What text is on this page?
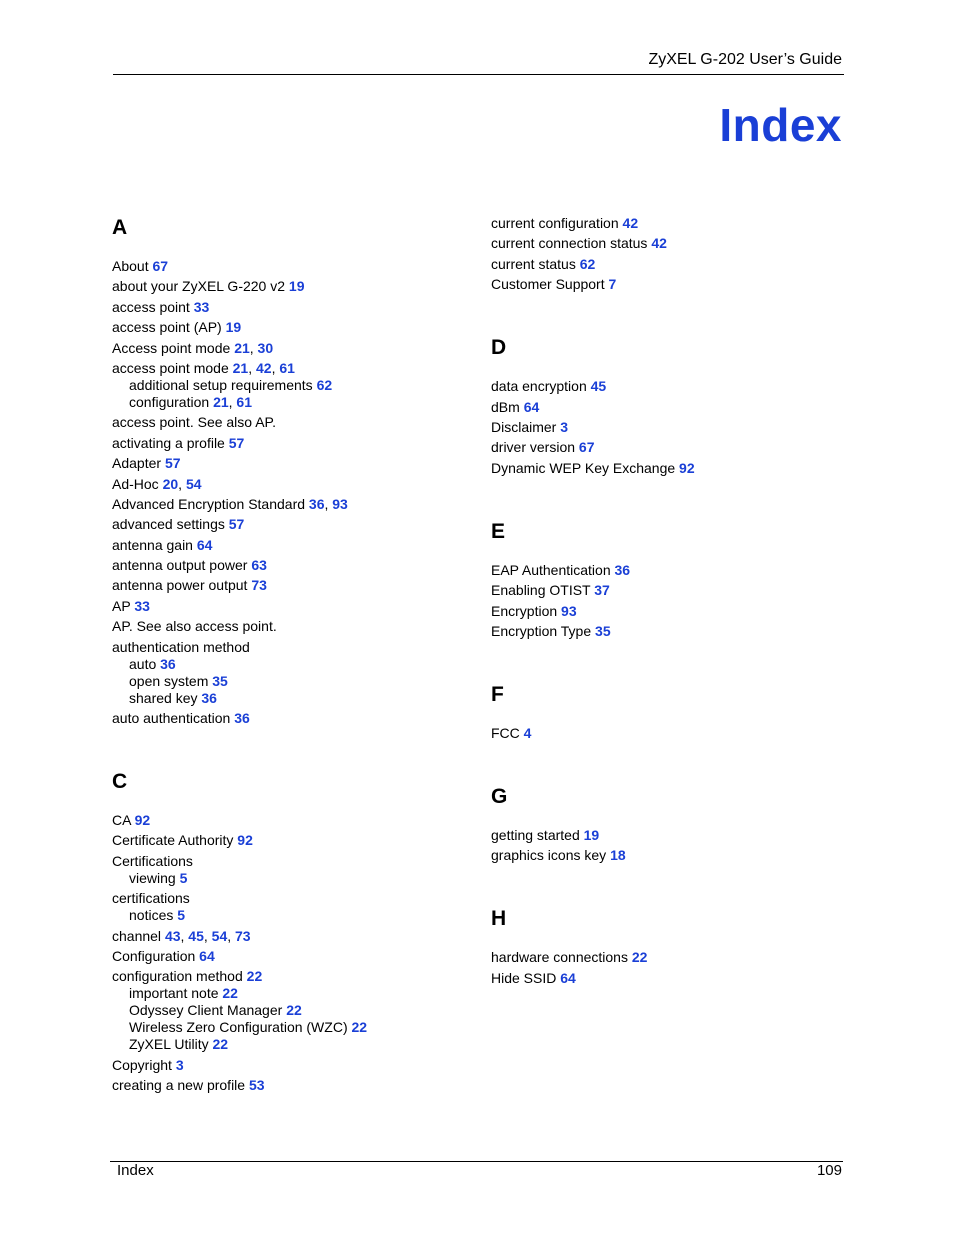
ZyXEL G-202 User’s Guide
Index
A
About 67
about your ZyXEL G-220 v2 19
access point 33
access point (AP) 19
Access point mode 21, 30
access point mode 21, 42, 61
additional setup requirements 62
configuration 21, 61
access point. See also AP.
activating a profile 57
Adapter 57
Ad-Hoc 20, 54
Advanced Encryption Standard 36, 93
advanced settings 57
antenna gain 64
antenna output power 63
antenna power output 73
AP 33
AP. See also access point.
authentication method
auto 36
open system 35
shared key 36
auto authentication 36
C
CA 92
Certificate Authority 92
Certifications
viewing 5
certifications
notices 5
channel 43, 45, 54, 73
Configuration 64
configuration method 22
important note 22
Odyssey Client Manager 22
Wireless Zero Configuration (WZC) 22
ZyXEL Utility 22
Copyright 3
creating a new profile 53
current configuration 42
current connection status 42
current status 62
Customer Support 7
D
data encryption 45
dBm 64
Disclaimer 3
driver version 67
Dynamic WEP Key Exchange 92
E
EAP Authentication 36
Enabling OTIST 37
Encryption 93
Encryption Type 35
F
FCC 4
G
getting started 19
graphics icons key 18
H
hardware connections 22
Hide SSID 64
Index	109
